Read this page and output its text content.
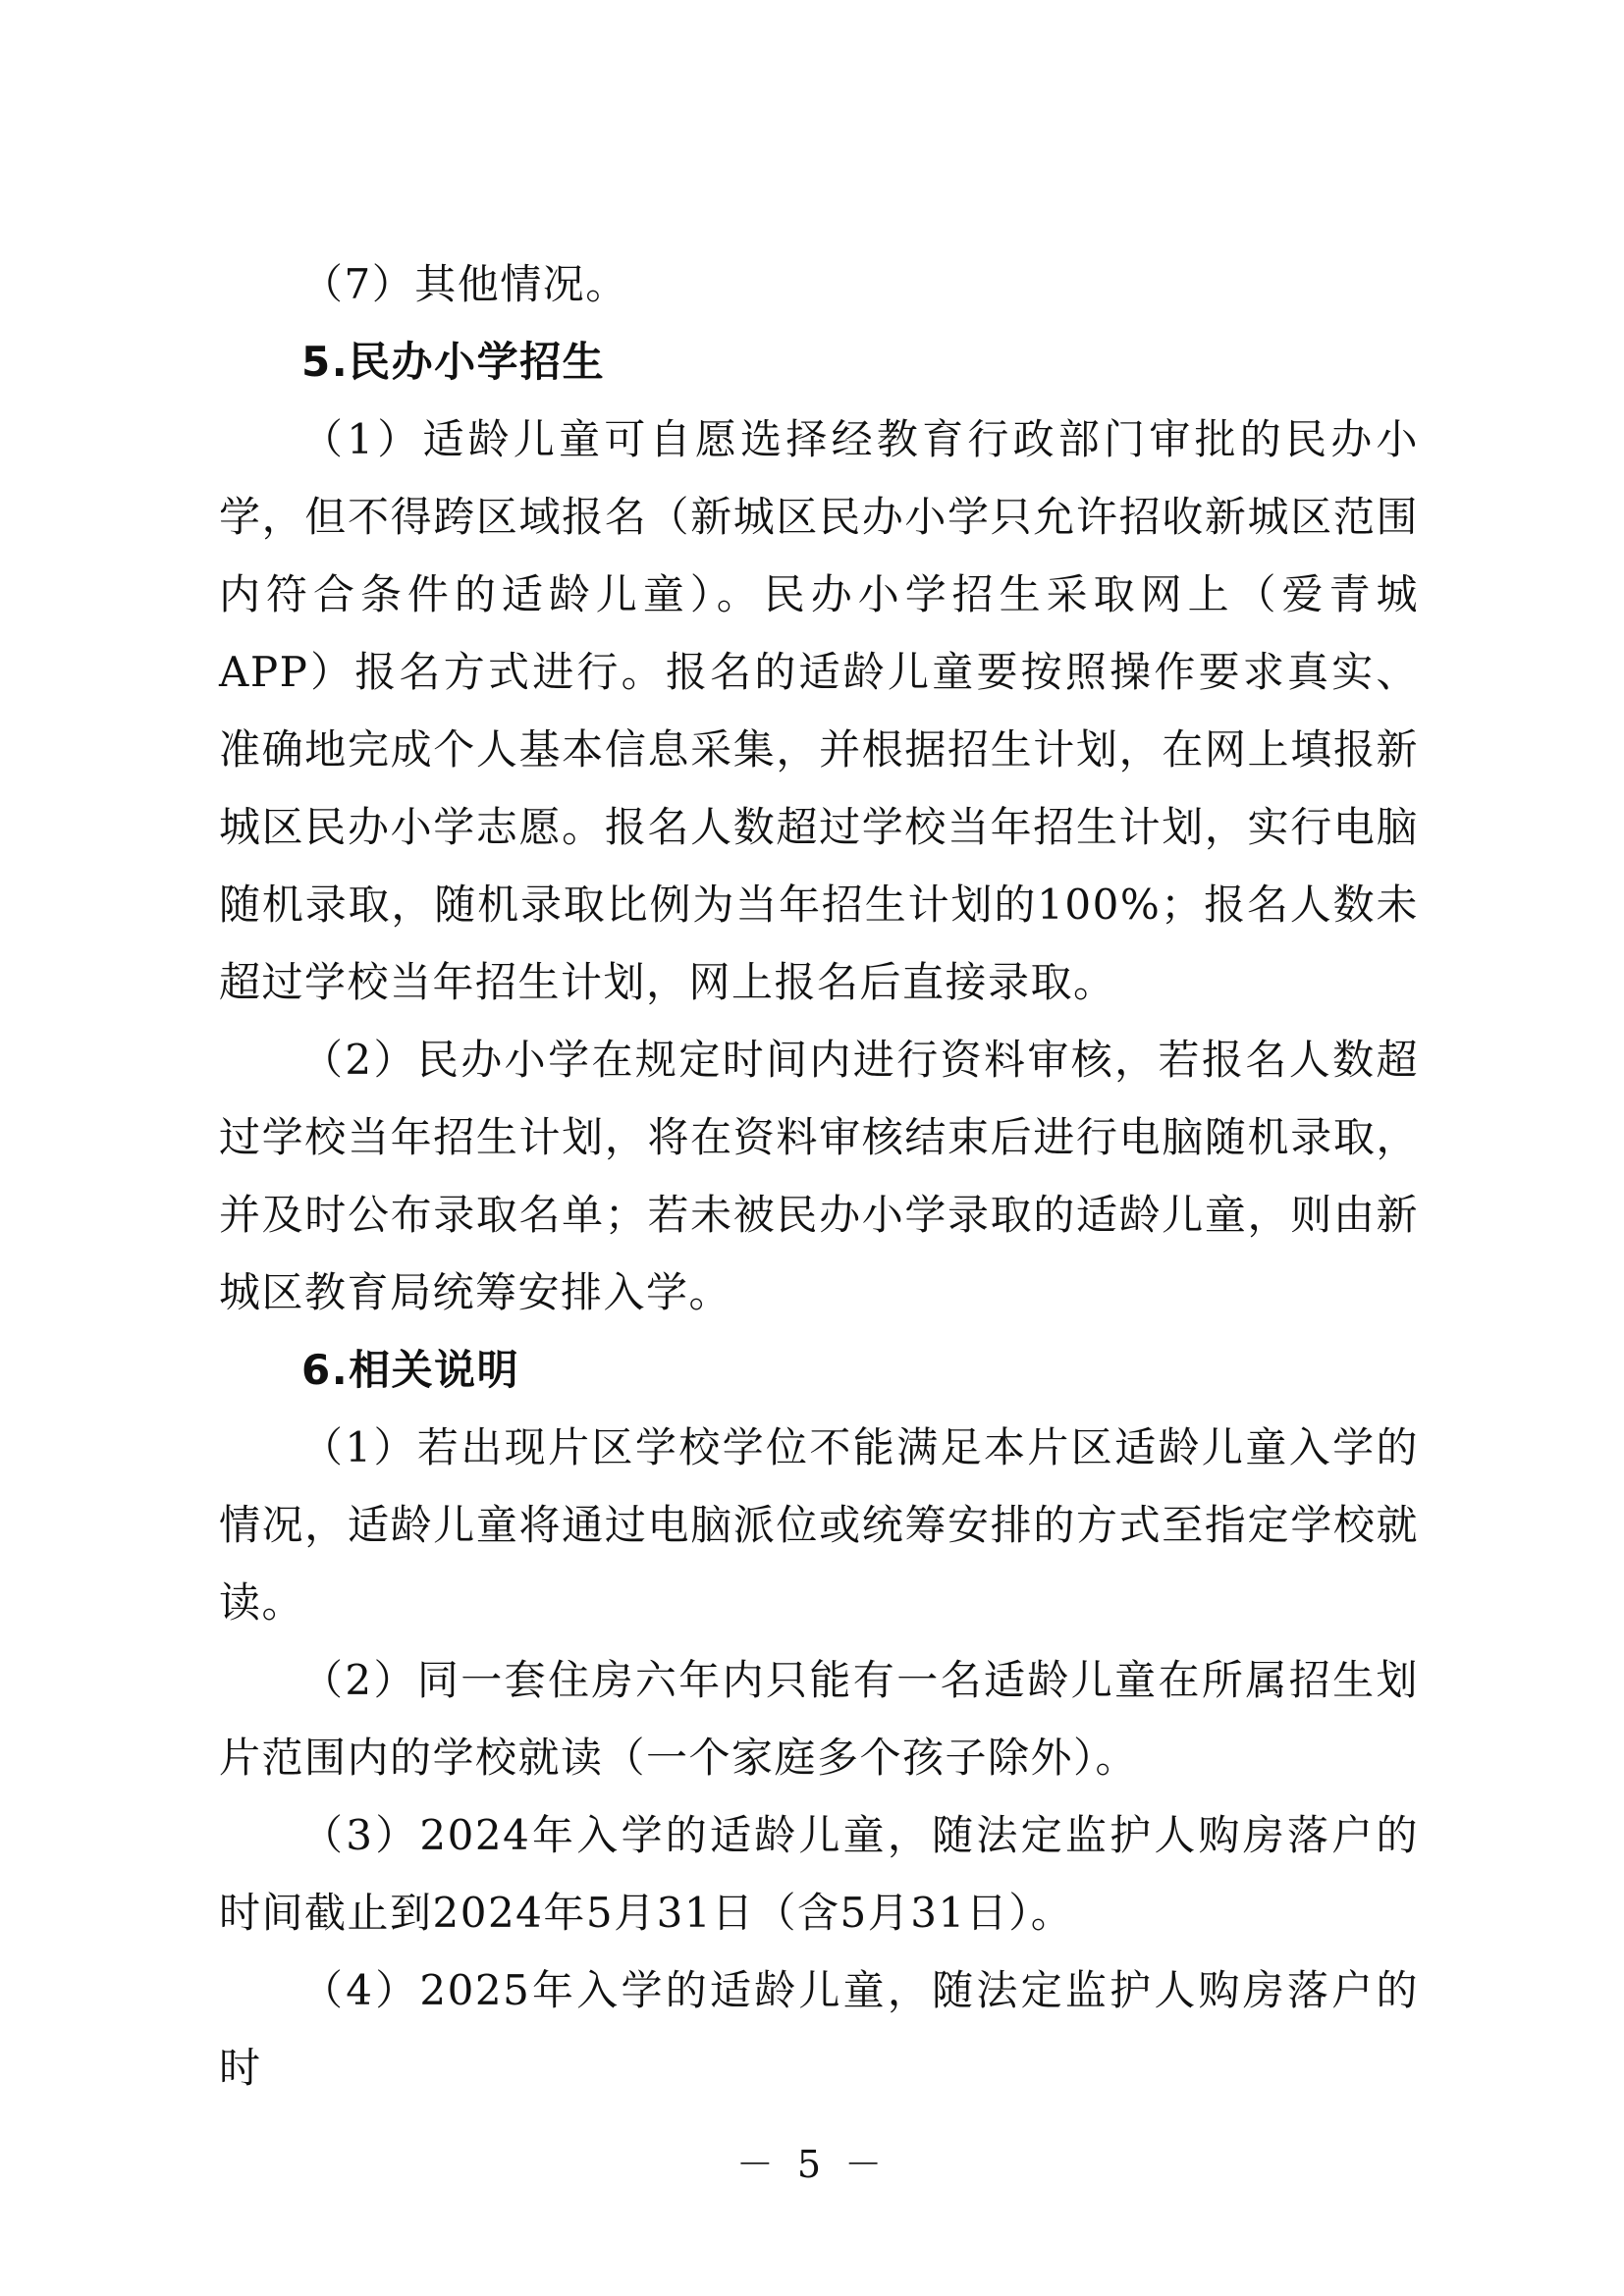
（7）其他情况。

5.民办小学招生

（1）适龄儿童可自愿选择经教育行政部门审批的民办小学，但不得跨区域报名（新城区民办小学只允许招收新城区范围内符合条件的适龄儿童）。民办小学招生采取网上（爱青城APP）报名方式进行。报名的适龄儿童要按照操作要求真实、准确地完成个人基本信息采集，并根据招生计划，在网上填报新城区民办小学志愿。报名人数超过学校当年招生计划，实行电脑随机录取，随机录取比例为当年招生计划的100%；报名人数未超过学校当年招生计划，网上报名后直接录取。

（2）民办小学在规定时间内进行资料审核，若报名人数超过学校当年招生计划，将在资料审核结束后进行电脑随机录取，并及时公布录取名单；若未被民办小学录取的适龄儿童，则由新城区教育局统筹安排入学。

6.相关说明

（1）若出现片区学校学位不能满足本片区适龄儿童入学的情况，适龄儿童将通过电脑派位或统筹安排的方式至指定学校就读。

（2）同一套住房六年内只能有一名适龄儿童在所属招生划片范围内的学校就读（一个家庭多个孩子除外）。

（3）2024年入学的适龄儿童，随法定监护人购房落户的时间截止到2024年5月31日（含5月31日）。

（4）2025年入学的适龄儿童，随法定监护人购房落户的时

－ 5 －
